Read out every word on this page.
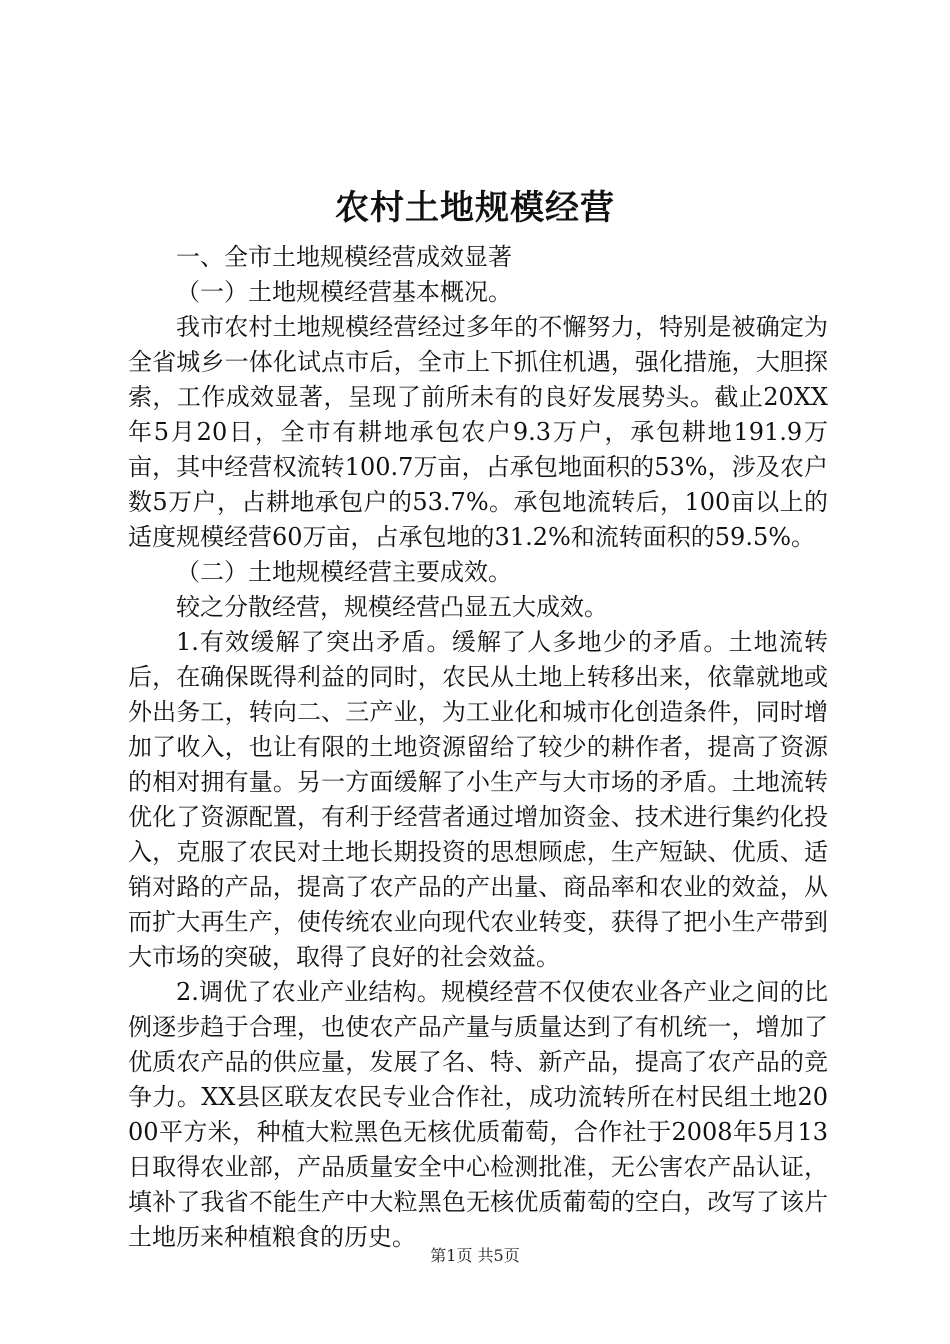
农村土地规模经营

一、全市土地规模经营成效显著

（一）土地规模经营基本概况。

我市农村土地规模经营经过多年的不懈努力，特别是被确定为全省城乡一体化试点市后，全市上下抓住机遇，强化措施，大胆探索，工作成效显著，呈现了前所未有的良好发展势头。截止20XX年5月20日，全市有耕地承包农户9.3万户，承包耕地191.9万亩，其中经营权流转100.7万亩，占承包地面积的53%，涉及农户数5万户，占耕地承包户的53.7%。承包地流转后，100亩以上的适度规模经营60万亩，占承包地的31.2%和流转面积的59.5%。

（二）土地规模经营主要成效。

较之分散经营，规模经营凸显五大成效。

1.有效缓解了突出矛盾。缓解了人多地少的矛盾。土地流转后，在确保既得利益的同时，农民从土地上转移出来，依靠就地或外出务工，转向二、三产业，为工业化和城市化创造条件，同时增加了收入，也让有限的土地资源留给了较少的耕作者，提高了资源的相对拥有量。另一方面缓解了小生产与大市场的矛盾。土地流转优化了资源配置，有利于经营者通过增加资金、技术进行集约化投入，克服了农民对土地长期投资的思想顾虑，生产短缺、优质、适销对路的产品，提高了农产品的产出量、商品率和农业的效益，从而扩大再生产，使传统农业向现代农业转变，获得了把小生产带到大市场的突破，取得了良好的社会效益。

2.调优了农业产业结构。规模经营不仅使农业各产业之间的比例逐步趋于合理，也使农产品产量与质量达到了有机统一，增加了优质农产品的供应量，发展了名、特、新产品，提高了农产品的竞争力。XX县区联友农民专业合作社，成功流转所在村民组土地2000平方米，种植大粒黑色无核优质葡萄，合作社于2008年5月13日取得农业部，产品质量安全中心检测批准，无公害农产品认证，填补了我省不能生产中大粒黑色无核优质葡萄的空白，改写了该片土地历来种植粮食的历史。

第1页 共5页
